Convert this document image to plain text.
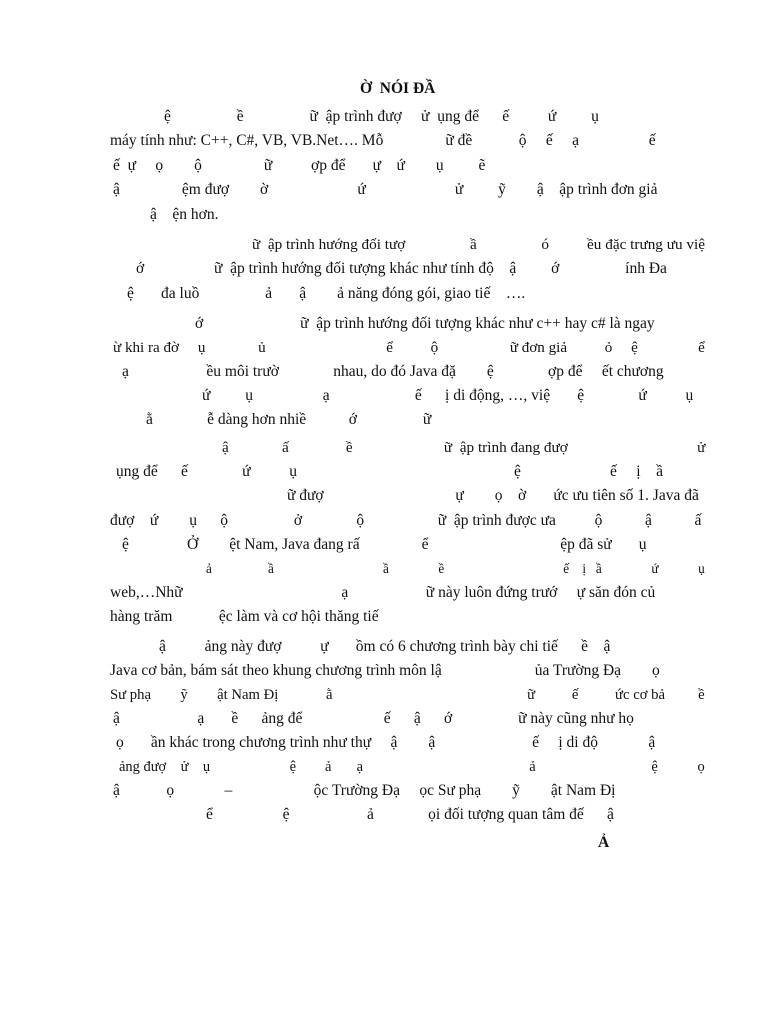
Ờ  NÓI ĐẦ
ệ                 ề                 ữ  ập trình đượ     ử  ụng để      ế          ứ         ụ
máy tính như: C++, C#, VB, VB.Net…. Mỗ                ữ đề            ộ     ế     ạ                  ế
ế  ự     ọ        ộ                ữ          ợp để       ự    ứ        ụ         ẽ
ậ                ệm đượ        ờ                       ứ                       ử         ỹ        ậ    ập trình đơn giả
ậ    ện hơn.
ữ  ập trình hướng đối tượ                 ầ                 ó          ều đặc trưng ưu việ
ớ                  ữ  ập trình hướng đối tượng khác như tính độ    ậ         ớ                 ính Đa
ệ       đa luồ                 ả       ậ        ả năng đóng gói, giao tiế    ….
ớ                         ữ  ập trình hướng đối tượng khác như c++ hay c# là ngay
ừ khi ra đờ     ụ              ủ                                ể          ộ                   ữ đơn giả          ỏ     ệ                ể
ạ                    ều môi trườ              nhau, do đó Java đặ        ệ              ợp để     ết chương
ứ         ụ                  ạ                      ế      ị di động, …, việ       ệ              ứ          ụ
ằ              ễ dàng hơn nhiề           ớ                 ữ
ậ              ấ               ề                        ữ  ập trình đang đượ                                  ử
ụng để      ế              ứ          ụ                                                        ệ                       ế     ị    ầ
ữ đượ                                  ự        ọ    ờ       ức ưu tiên số 1. Java đã
đượ    ứ        ụ      ộ                 ở              ộ                   ữ  ập trình được ưa          ộ           ậ           ấ
ệ               Ở        ệt Nam, Java đang rấ                ể                                  ệp đã sử       ụ
ả                 ầ                                 ầ               ề                                    ế    ị   ầ               ứ            ụ
web,…Nhữ                                         ạ                    ữ này luôn đứng trướ     ự săn đón củ
hàng trăm            ệc làm và cơ hội thăng tiế
ậ          ảng này đượ          ự       ồm có 6 chương trình bày chi tiế      ề    ậ
Java cơ bản, bám sát theo khung chương trình môn lậ                        ủa Trường Đạ        ọ
Sư phạ        ỹ        ật Nam Đị             ằ                                                     ữ          ế          ức cơ bả         ề
ậ                    ạ       ề      ảng để                     ế      ậ      ớ                 ữ này cũng như họ
ọ       ần khác trong chương trình như thự     ậ        ậ                         ế     ị di độ             ậ
ảng đượ    ử    ụ                      ệ        ả       ạ                                              ả                                ệ           ọ
ậ            ọ             –                     ộc Trường Đạ     ọc Sư phạ        ỹ        ật Nam Đị
ể                  ệ                    ả              ọi đối tượng quan tâm đế      ậ
Ả
